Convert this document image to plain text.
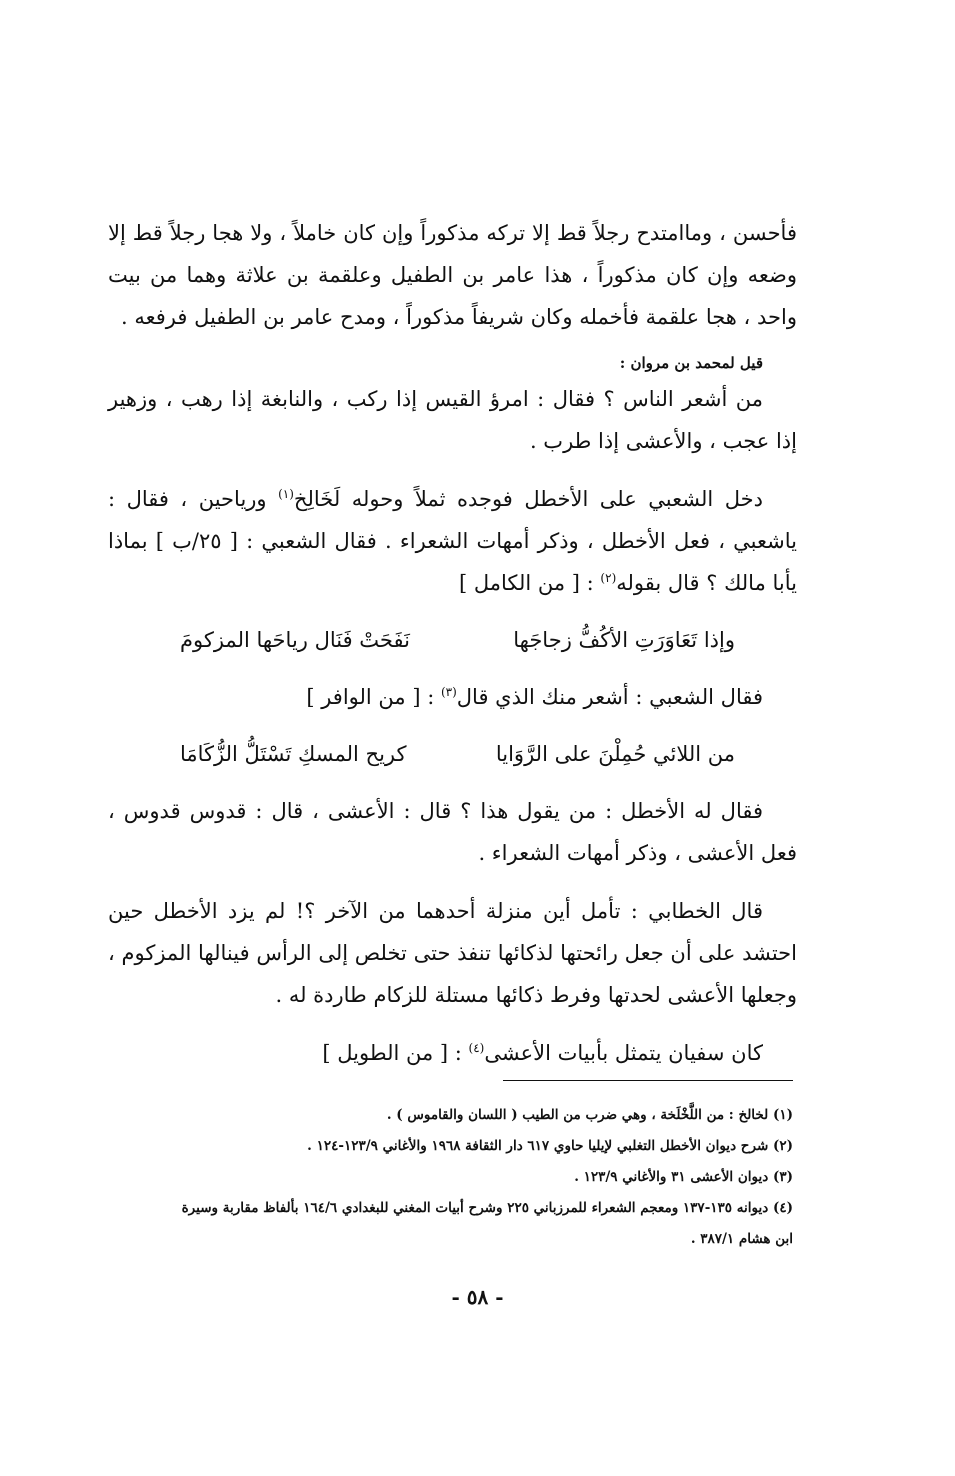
فأحسن ، وماامتدح رجلاً قط إلا تركه مذكوراً وإن كان خاملاً ، ولا هجا رجلاً قط إلا وضعه وإن كان مذكوراً ، هذا عامر بن الطفيل وعلقمة بن علاثة وهما من بيت واحد ، هجا علقمة فأخمله وكان شريفاً مذكوراً ، ومدح عامر بن الطفيل فرفعه .

قيل لمحمد بن مروان :

من أشعر الناس ؟ فقال : امرؤ القيس إذا ركب ، والنابغة إذا رهب ، وزهير إذا عجب ، والأعشى إذا طرب .

دخل الشعبي على الأخطل فوجده ثملاً وحوله لَخَالِخ$^{(١)}$ ورياحين ، فقال : ياشعبي ، فعل الأخطل ، وذكر أمهات الشعراء . فقال الشعبي : [ ٢٥/ب ] بماذا يأبا مالك ؟ قال بقوله$^{(٢)}$ : [ من الكامل ]

وإذا تَعَاوَرَتِ الأكُفُّ زجاجَها
نَفَحَتْ فَنَال رياحَها المزكومَ

فقال الشعبي : أشعر منك الذي قال$^{(٣)}$ : [ من الوافر ]

من اللائي حُمِلْنَ على الرَّوَايا
كريح المسكِ تَسْتَلُّ الزُّكَامَا

فقال له الأخطل : من يقول هذا ؟ قال : الأعشى ، قال : قدوس قدوس ، فعل الأعشى ، وذكر أمهات الشعراء .

قال الخطابي : تأمل أين منزلة أحدهما من الآخر ؟! لم يزد الأخطل حين احتشد على أن جعل رائحتها لذكائها تنفذ حتى تخلص إلى الرأس فينالها المزكوم ، وجعلها الأعشى لحدتها وفرط ذكائها مستلة للزكام طاردة له .

كان سفيان يتمثل بأبيات الأعشى$^{(٤)}$ : [ من الطويل ]

(١) لخالخ : من اللَّخْلَخة ، وهي ضرب من الطيب ( اللسان والقاموس ) .

(٢) شرح ديوان الأخطل التغلبي لإيليا حاوي ٦١٧ دار الثقافة ١٩٦٨ والأغاني ١٢٣/٩-١٢٤ .

(٣) ديوان الأعشى ٣١ والأغاني ١٢٣/٩ .

(٤) ديوانه ١٣٥-١٣٧ ومعجم الشعراء للمرزباني ٢٢٥ وشرح أبيات المغني للبغدادي ١٦٤/٦ بألفاظ مقاربة وسيرة

ابن هشام ٣٨٧/١ .

- ٥٨ -
